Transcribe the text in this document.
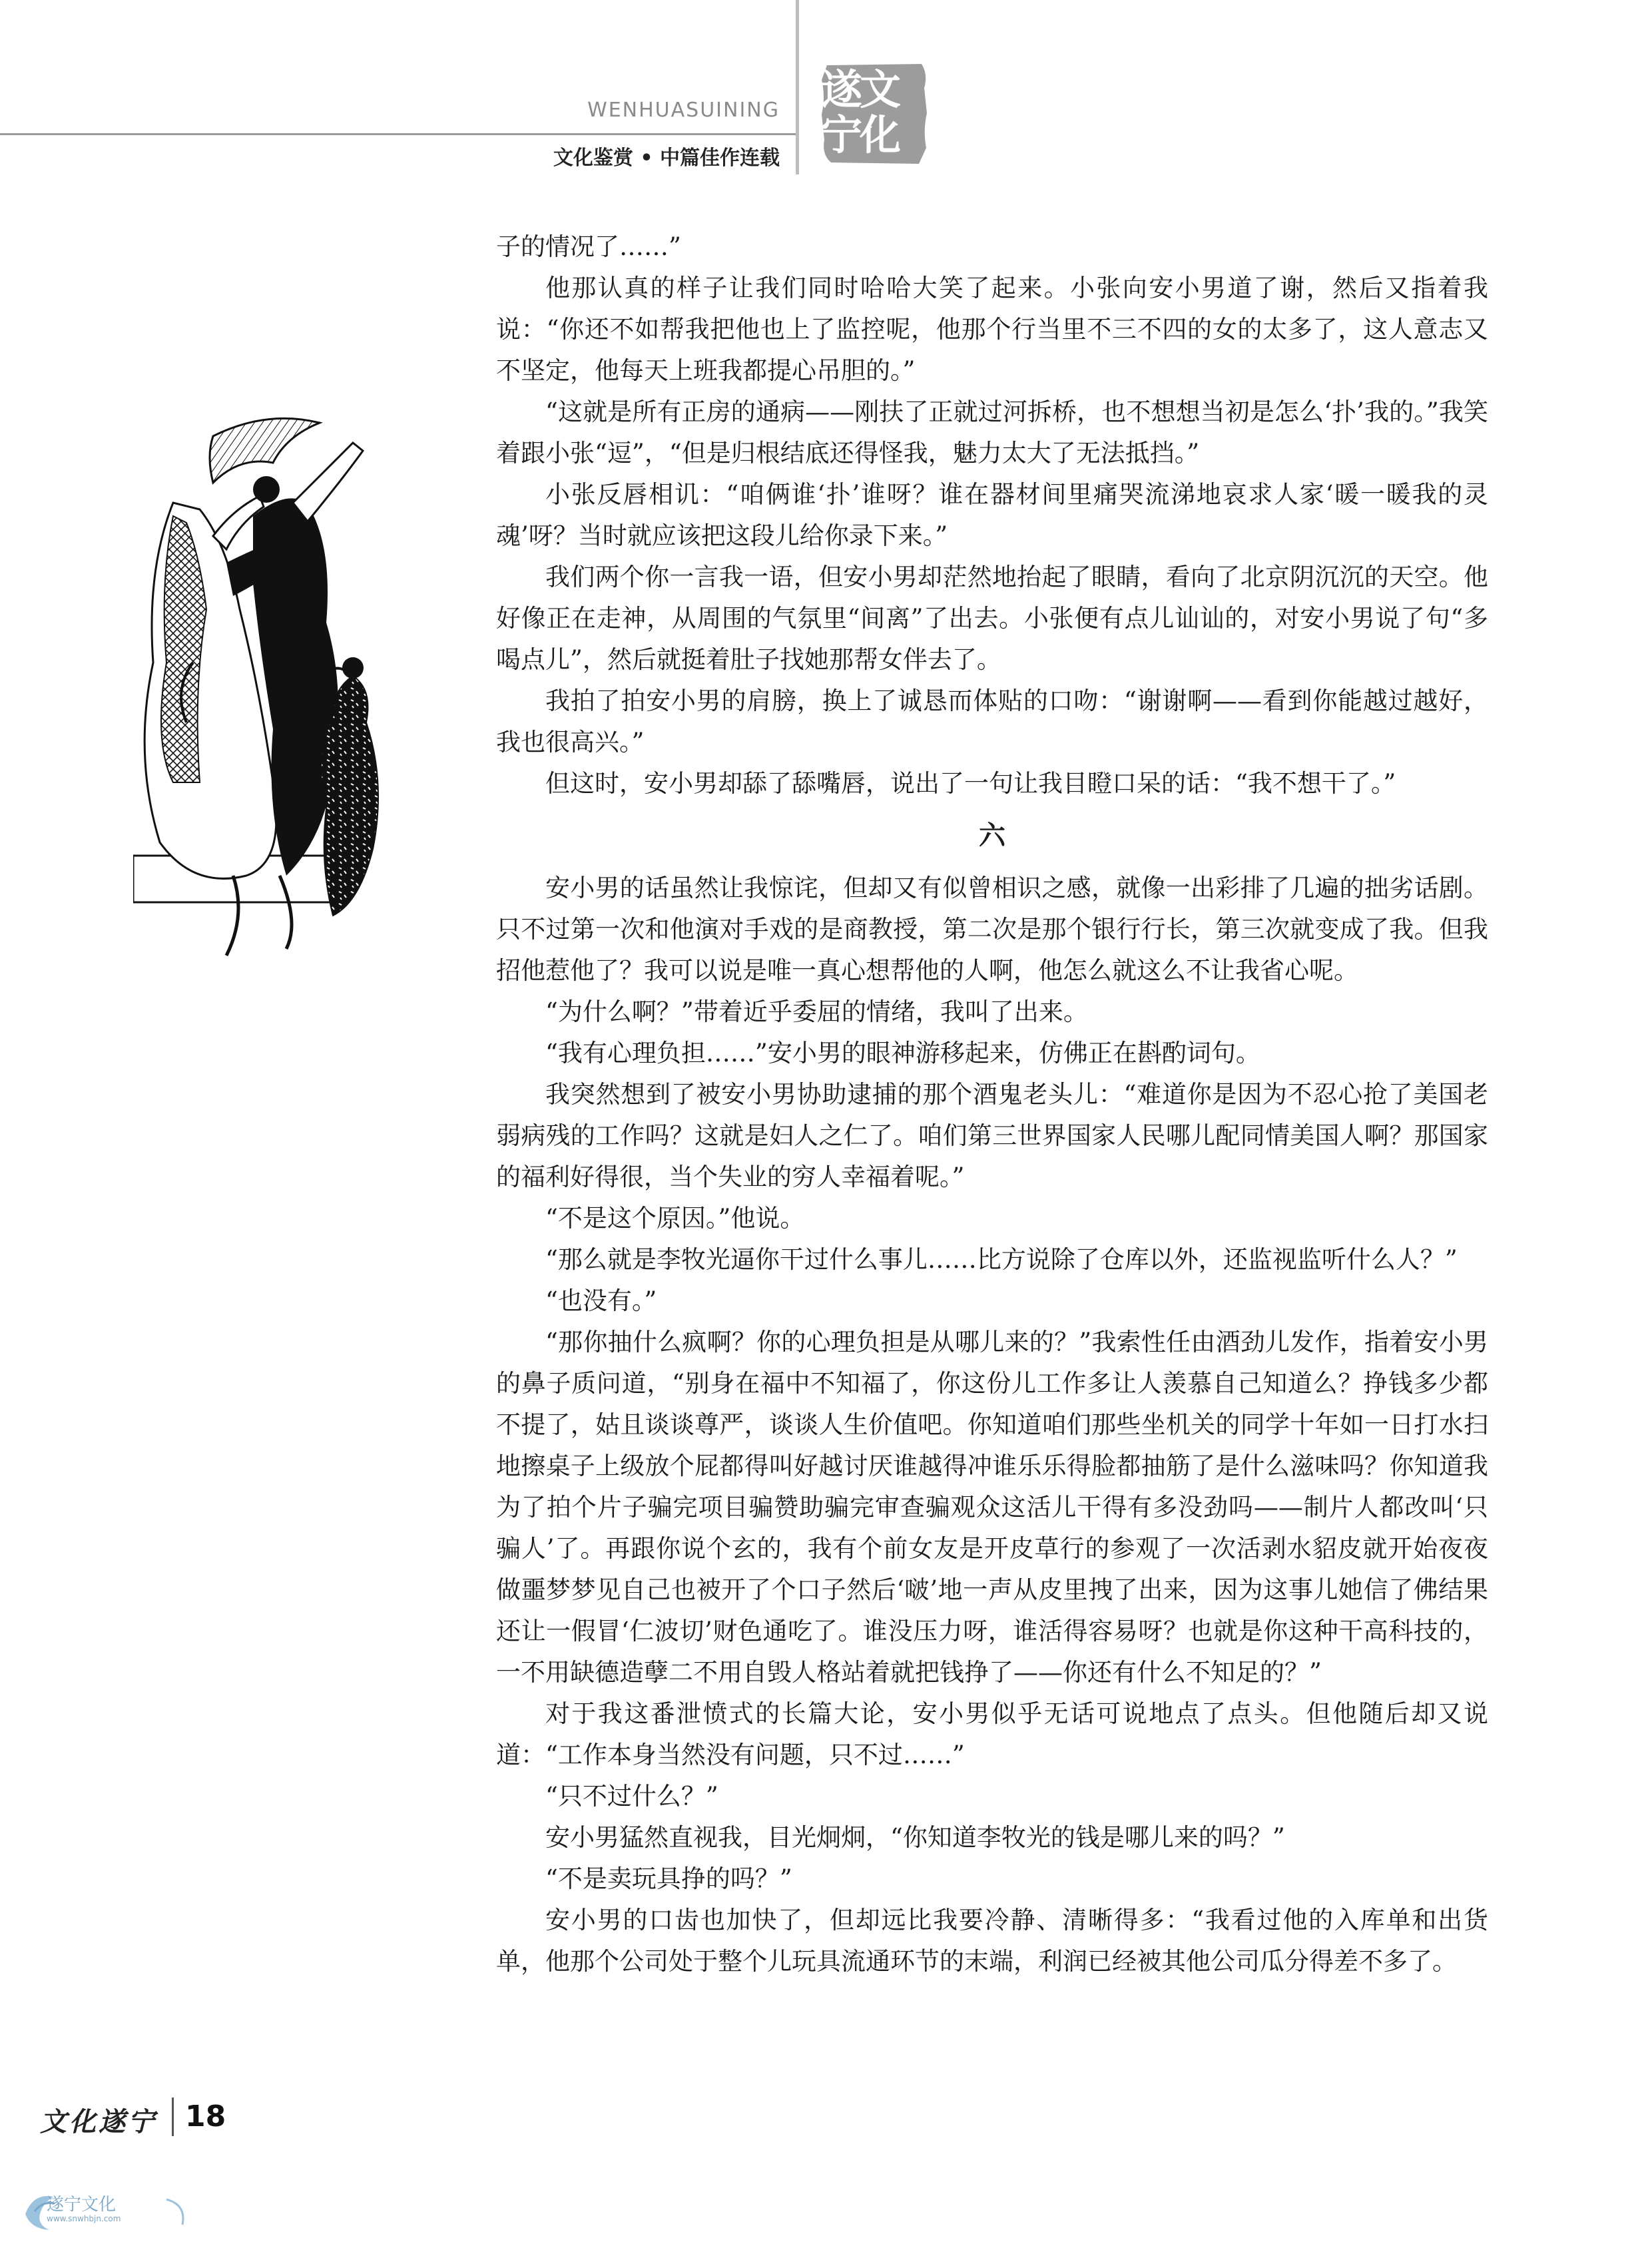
WENHUASUINING
文化鉴赏 • 中篇佳作连载
文
化
遂
宁

子的情况了……”

他那认真的样子让我们同时哈哈大笑了起来。小张向安小男道了谢，然后又指着我说：“你还不如帮我把他也上了监控呢，他那个行当里不三不四的女的太多了，这人意志又不坚定，他每天上班我都提心吊胆的。”

“这就是所有正房的通病——刚扶了正就过河拆桥，也不想想当初是怎么‘扑’我的。”我笑着跟小张“逗”，“但是归根结底还得怪我，魅力太大了无法抵挡。”

小张反唇相讥：“咱俩谁‘扑’谁呀？谁在器材间里痛哭流涕地哀求人家‘暖一暖我的灵魂’呀？当时就应该把这段儿给你录下来。”

我们两个你一言我一语，但安小男却茫然地抬起了眼睛，看向了北京阴沉沉的天空。他好像正在走神，从周围的气氛里“间离”了出去。小张便有点儿讪讪的，对安小男说了句“多喝点儿”，然后就挺着肚子找她那帮女伴去了。

我拍了拍安小男的肩膀，换上了诚恳而体贴的口吻：“谢谢啊——看到你能越过越好，我也很高兴。”

但这时，安小男却舔了舔嘴唇，说出了一句让我目瞪口呆的话：“我不想干了。”

六

安小男的话虽然让我惊诧，但却又有似曾相识之感，就像一出彩排了几遍的拙劣话剧。只不过第一次和他演对手戏的是商教授，第二次是那个银行行长，第三次就变成了我。但我招他惹他了？我可以说是唯一真心想帮他的人啊，他怎么就这么不让我省心呢。

“为什么啊？”带着近乎委屈的情绪，我叫了出来。

“我有心理负担……”安小男的眼神游移起来，仿佛正在斟酌词句。

我突然想到了被安小男协助逮捕的那个酒鬼老头儿：“难道你是因为不忍心抢了美国老弱病残的工作吗？这就是妇人之仁了。咱们第三世界国家人民哪儿配同情美国人啊？那国家的福利好得很，当个失业的穷人幸福着呢。”

“不是这个原因。”他说。

“那么就是李牧光逼你干过什么事儿……比方说除了仓库以外，还监视监听什么人？”

“也没有。”

“那你抽什么疯啊？你的心理负担是从哪儿来的？”我索性任由酒劲儿发作，指着安小男的鼻子质问道，“别身在福中不知福了，你这份儿工作多让人羡慕自己知道么？挣钱多少都不提了，姑且谈谈尊严，谈谈人生价值吧。你知道咱们那些坐机关的同学十年如一日打水扫地擦桌子上级放个屁都得叫好越讨厌谁越得冲谁乐乐得脸都抽筋了是什么滋味吗？你知道我为了拍个片子骗完项目骗赞助骗完审查骗观众这活儿干得有多没劲吗——制片人都改叫‘只骗人’了。再跟你说个玄的，我有个前女友是开皮草行的参观了一次活剥水貂皮就开始夜夜做噩梦梦见自己也被开了个口子然后‘啵’地一声从皮里拽了出来，因为这事儿她信了佛结果还让一假冒‘仁波切’财色通吃了。谁没压力呀，谁活得容易呀？也就是你这种干高科技的，一不用缺德造孽二不用自毁人格站着就把钱挣了——你还有什么不知足的？”

对于我这番泄愤式的长篇大论，安小男似乎无话可说地点了点头。但他随后却又说道：“工作本身当然没有问题，只不过……”

“只不过什么？”

安小男猛然直视我，目光炯炯，“你知道李牧光的钱是哪儿来的吗？”

“不是卖玩具挣的吗？”

安小男的口齿也加快了，但却远比我要冷静、清晰得多：“我看过他的入库单和出货单，他那个公司处于整个儿玩具流通环节的末端，利润已经被其他公司瓜分得差不多了。

文化遂宁 18
遂宁文化
www.snwhbjn.com
